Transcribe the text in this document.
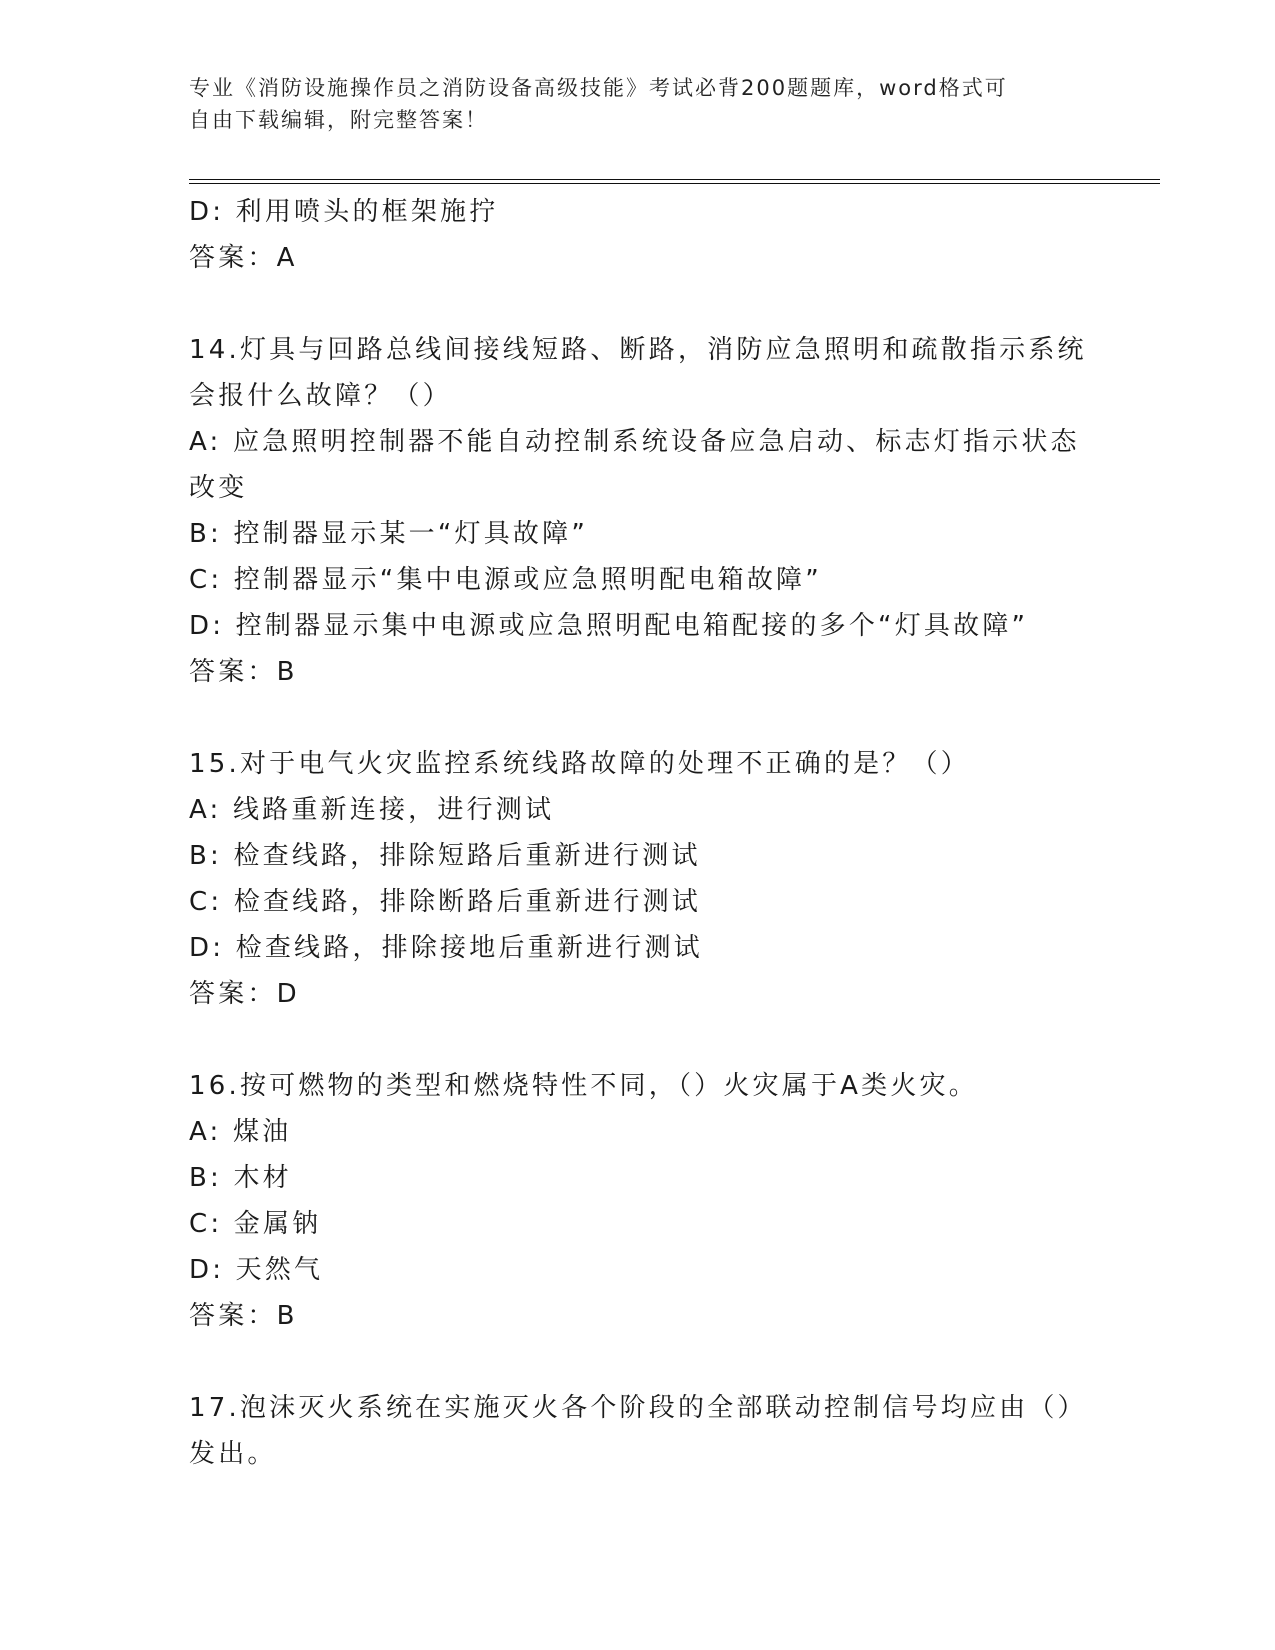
专业《消防设施操作员之消防设备高级技能》考试必背200题题库，word格式可
自由下载编辑，附完整答案！
D: 利用喷头的框架施拧
答案：A
14.灯具与回路总线间接线短路、断路，消防应急照明和疏散指示系统
会报什么故障？（）
A: 应急照明控制器不能自动控制系统设备应急启动、标志灯指示状态
改变
B: 控制器显示某一“灯具故障”
C: 控制器显示“集中电源或应急照明配电箱故障”
D: 控制器显示集中电源或应急照明配电箱配接的多个“灯具故障”
答案：B
15.对于电气火灾监控系统线路故障的处理不正确的是？（）
A: 线路重新连接，进行测试
B: 检查线路，排除短路后重新进行测试
C: 检查线路，排除断路后重新进行测试
D: 检查线路，排除接地后重新进行测试
答案：D
16.按可燃物的类型和燃烧特性不同，（）火灾属于A类火灾。
A: 煤油
B: 木材
C: 金属钠
D: 天然气
答案：B
17.泡沫灭火系统在实施灭火各个阶段的全部联动控制信号均应由（）
发出。
